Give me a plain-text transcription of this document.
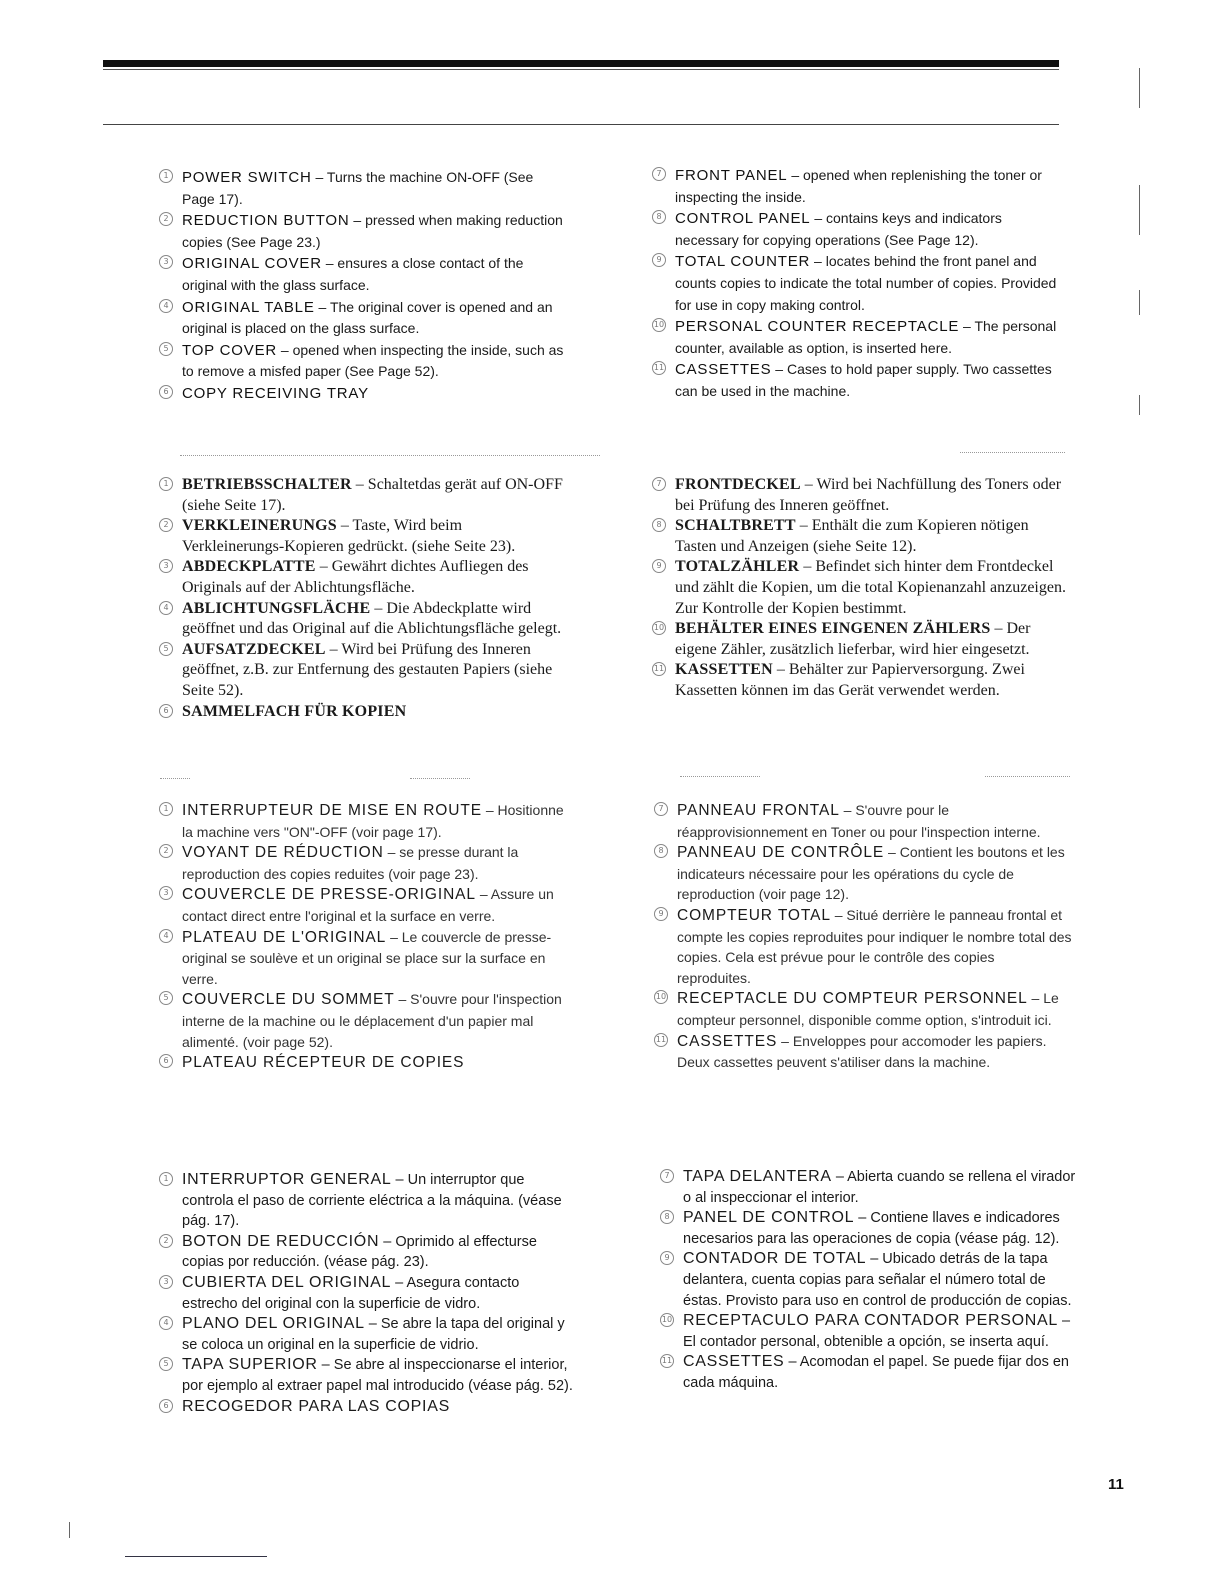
1 POWER SWITCH – Turns the machine ON-OFF (See Page 17).
2 REDUCTION BUTTON – pressed when making reduction copies (See Page 23.)
3 ORIGINAL COVER – ensures a close contact of the original with the glass surface.
4 ORIGINAL TABLE – The original cover is opened and an original is placed on the glass surface.
5 TOP COVER – opened when inspecting the inside, such as to remove a misfed paper (See Page 52).
6 COPY RECEIVING TRAY
7 FRONT PANEL – opened when replenishing the toner or inspecting the inside.
8 CONTROL PANEL – contains keys and indicators necessary for copying operations (See Page 12).
9 TOTAL COUNTER – locates behind the front panel and counts copies to indicate the total number of copies. Provided for use in copy making control.
10 PERSONAL COUNTER RECEPTACLE – The personal counter, available as option, is inserted here.
11 CASSETTES – Cases to hold paper supply. Two cassettes can be used in the machine.
1 BETRIEBSSCHALTER – Schaltetdas gerät auf ON-OFF (siehe Seite 17).
2 VERKLEINERUNGS – Taste, Wird beim Verkleinerungs-Kopieren gedrückt. (siehe Seite 23).
3 ABDECKPLATTE – Gewährt dichtes Aufliegen des Originals auf der Ablichtungsfläche.
4 ABLICHTUNGSFLÄCHE – Die Abdeckplatte wird geöffnet und das Original auf die Ablichtungsfläche gelegt.
5 AUFSATZDECKEL – Wird bei Prüfung des Inneren geöffnet, z.B. zur Entfernung des gestauten Papiers (siehe Seite 52).
6 SAMMELFACH FÜR KOPIEN
7 FRONTDECKEL – Wird bei Nachfüllung des Toners oder bei Prüfung des Inneren geöffnet.
8 SCHALTBRETT – Enthält die zum Kopieren nötigen Tasten und Anzeigen (siehe Seite 12).
9 TOTALZÄHLER – Befindet sich hinter dem Frontdeckel und zählt die Kopien, um die total Kopienanzahl anzuzeigen. Zur Kontrolle der Kopien bestimmt.
10 BEHÄLTER EINES EINGENEN ZÄHLERS – Der eigene Zähler, zusätzlich lieferbar, wird hier eingesetzt.
11 KASSETTEN – Behälter zur Papierversorgung. Zwei Kassetten können im das Gerät verwendet werden.
1 INTERRUPTEUR DE MISE EN ROUTE – Hositionne la machine vers "ON"-OFF (voir page 17).
2 VOYANT DE RÉDUCTION – se presse durant la reproduction des copies reduites (voir page 23).
3 COUVERCLE DE PRESSE-ORIGINAL – Assure un contact direct entre l'original et la surface en verre.
4 PLATEAU DE L'ORIGINAL – Le couvercle de presse-original se soulève et un original se place sur la surface en verre.
5 COUVERCLE DU SOMMET – S'ouvre pour l'inspection interne de la machine ou le déplacement d'un papier mal alimenté. (voir page 52).
6 PLATEAU RÉCEPTEUR DE COPIES
7 PANNEAU FRONTAL – S'ouvre pour le réapprovisionnement en Toner ou pour l'inspection interne.
8 PANNEAU DE CONTRÔLE – Contient les boutons et les indicateurs nécessaire pour les opérations du cycle de reproduction (voir page 12).
9 COMPTEUR TOTAL – Situé derrière le panneau frontal et compte les copies reproduites pour indiquer le nombre total des copies. Cela est prévue pour le contrôle des copies reproduites.
10 RECEPTACLE DU COMPTEUR PERSONNEL – Le compteur personnel, disponible comme option, s'introduit ici.
11 CASSETTES – Enveloppes pour accomoder les papiers. Deux cassettes peuvent s'atiliser dans la machine.
1 INTERRUPTOR GENERAL – Un interruptor que controla el paso de corriente eléctrica a la máquina. (véase pág. 17).
2 BOTON DE REDUCCIÓN – Oprimido al effecturse copias por reducción. (véase pág. 23).
3 CUBIERTA DEL ORIGINAL – Asegura contacto estrecho del original con la superficie de vidro.
4 PLANO DEL ORIGINAL – Se abre la tapa del original y se coloca un original en la superficie de vidrio.
5 TAPA SUPERIOR – Se abre al inspeccionarse el interior, por ejemplo al extraer papel mal introducido (véase pág. 52).
6 RECOGEDOR PARA LAS COPIAS
7 TAPA DELANTERA – Abierta cuando se rellena el virador o al inspeccionar el interior.
8 PANEL DE CONTROL – Contiene llaves e indicadores necesarios para las operaciones de copia (véase pág. 12).
9 CONTADOR DE TOTAL – Ubicado detrás de la tapa delantera, cuenta copias para señalar el número total de éstas. Provisto para uso en control de producción de copias.
10 RECEPTACULO PARA CONTADOR PERSONAL – El contador personal, obtenible a opción, se inserta aquí.
11 CASSETTES – Acomodan el papel. Se puede fijar dos en cada máquina.
11
